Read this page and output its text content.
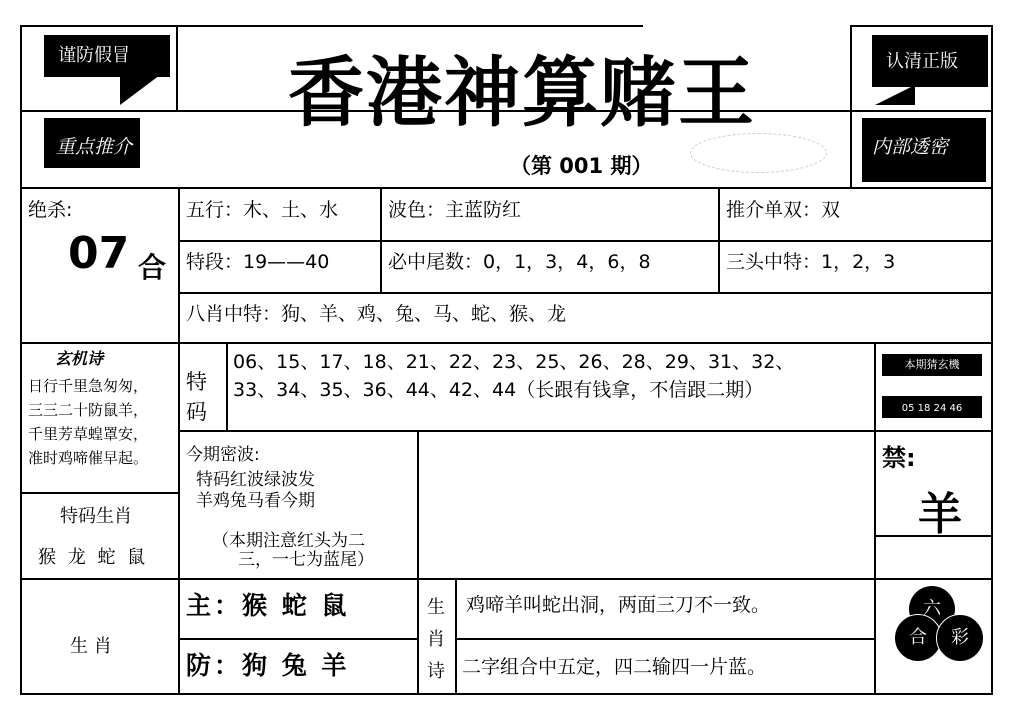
谨防假冒	认清正版
香港神算赌王
重点推介	内部透密
（第 001 期）
绝杀:
07 合
五行：木、土、水	波色：主蓝防红	推介单双：双
特段：19——40	必中尾数：0，1，3，4，6，8	三头中特：1，2，3
八肖中特：狗、羊、鸡、兔、马、蛇、猴、龙
玄机诗
日行千里急匆匆，
三三二十防鼠羊，
千里芳草蝗罩安，
准时鸡啼催早起。
特
码
06、15、17、18、21、22、23、25、26、28、29、31、32、
33、34、35、36、44、42、44（长跟有钱拿，不信跟二期）
本期猜玄機
05 18 24 46
今期密波:
特码红波绿波发
羊鸡兔马看今期
（本期注意红头为二
三，一七为蓝尾）
禁:
羊
特码生肖
猴 龙 蛇 鼠
生 肖
主：猴 蛇 鼠
防：狗 兔 羊
生
肖
诗
鸡啼羊叫蛇出洞，两面三刀不一致。
二字组合中五定，四二输四一片蓝。
六
合	彩
